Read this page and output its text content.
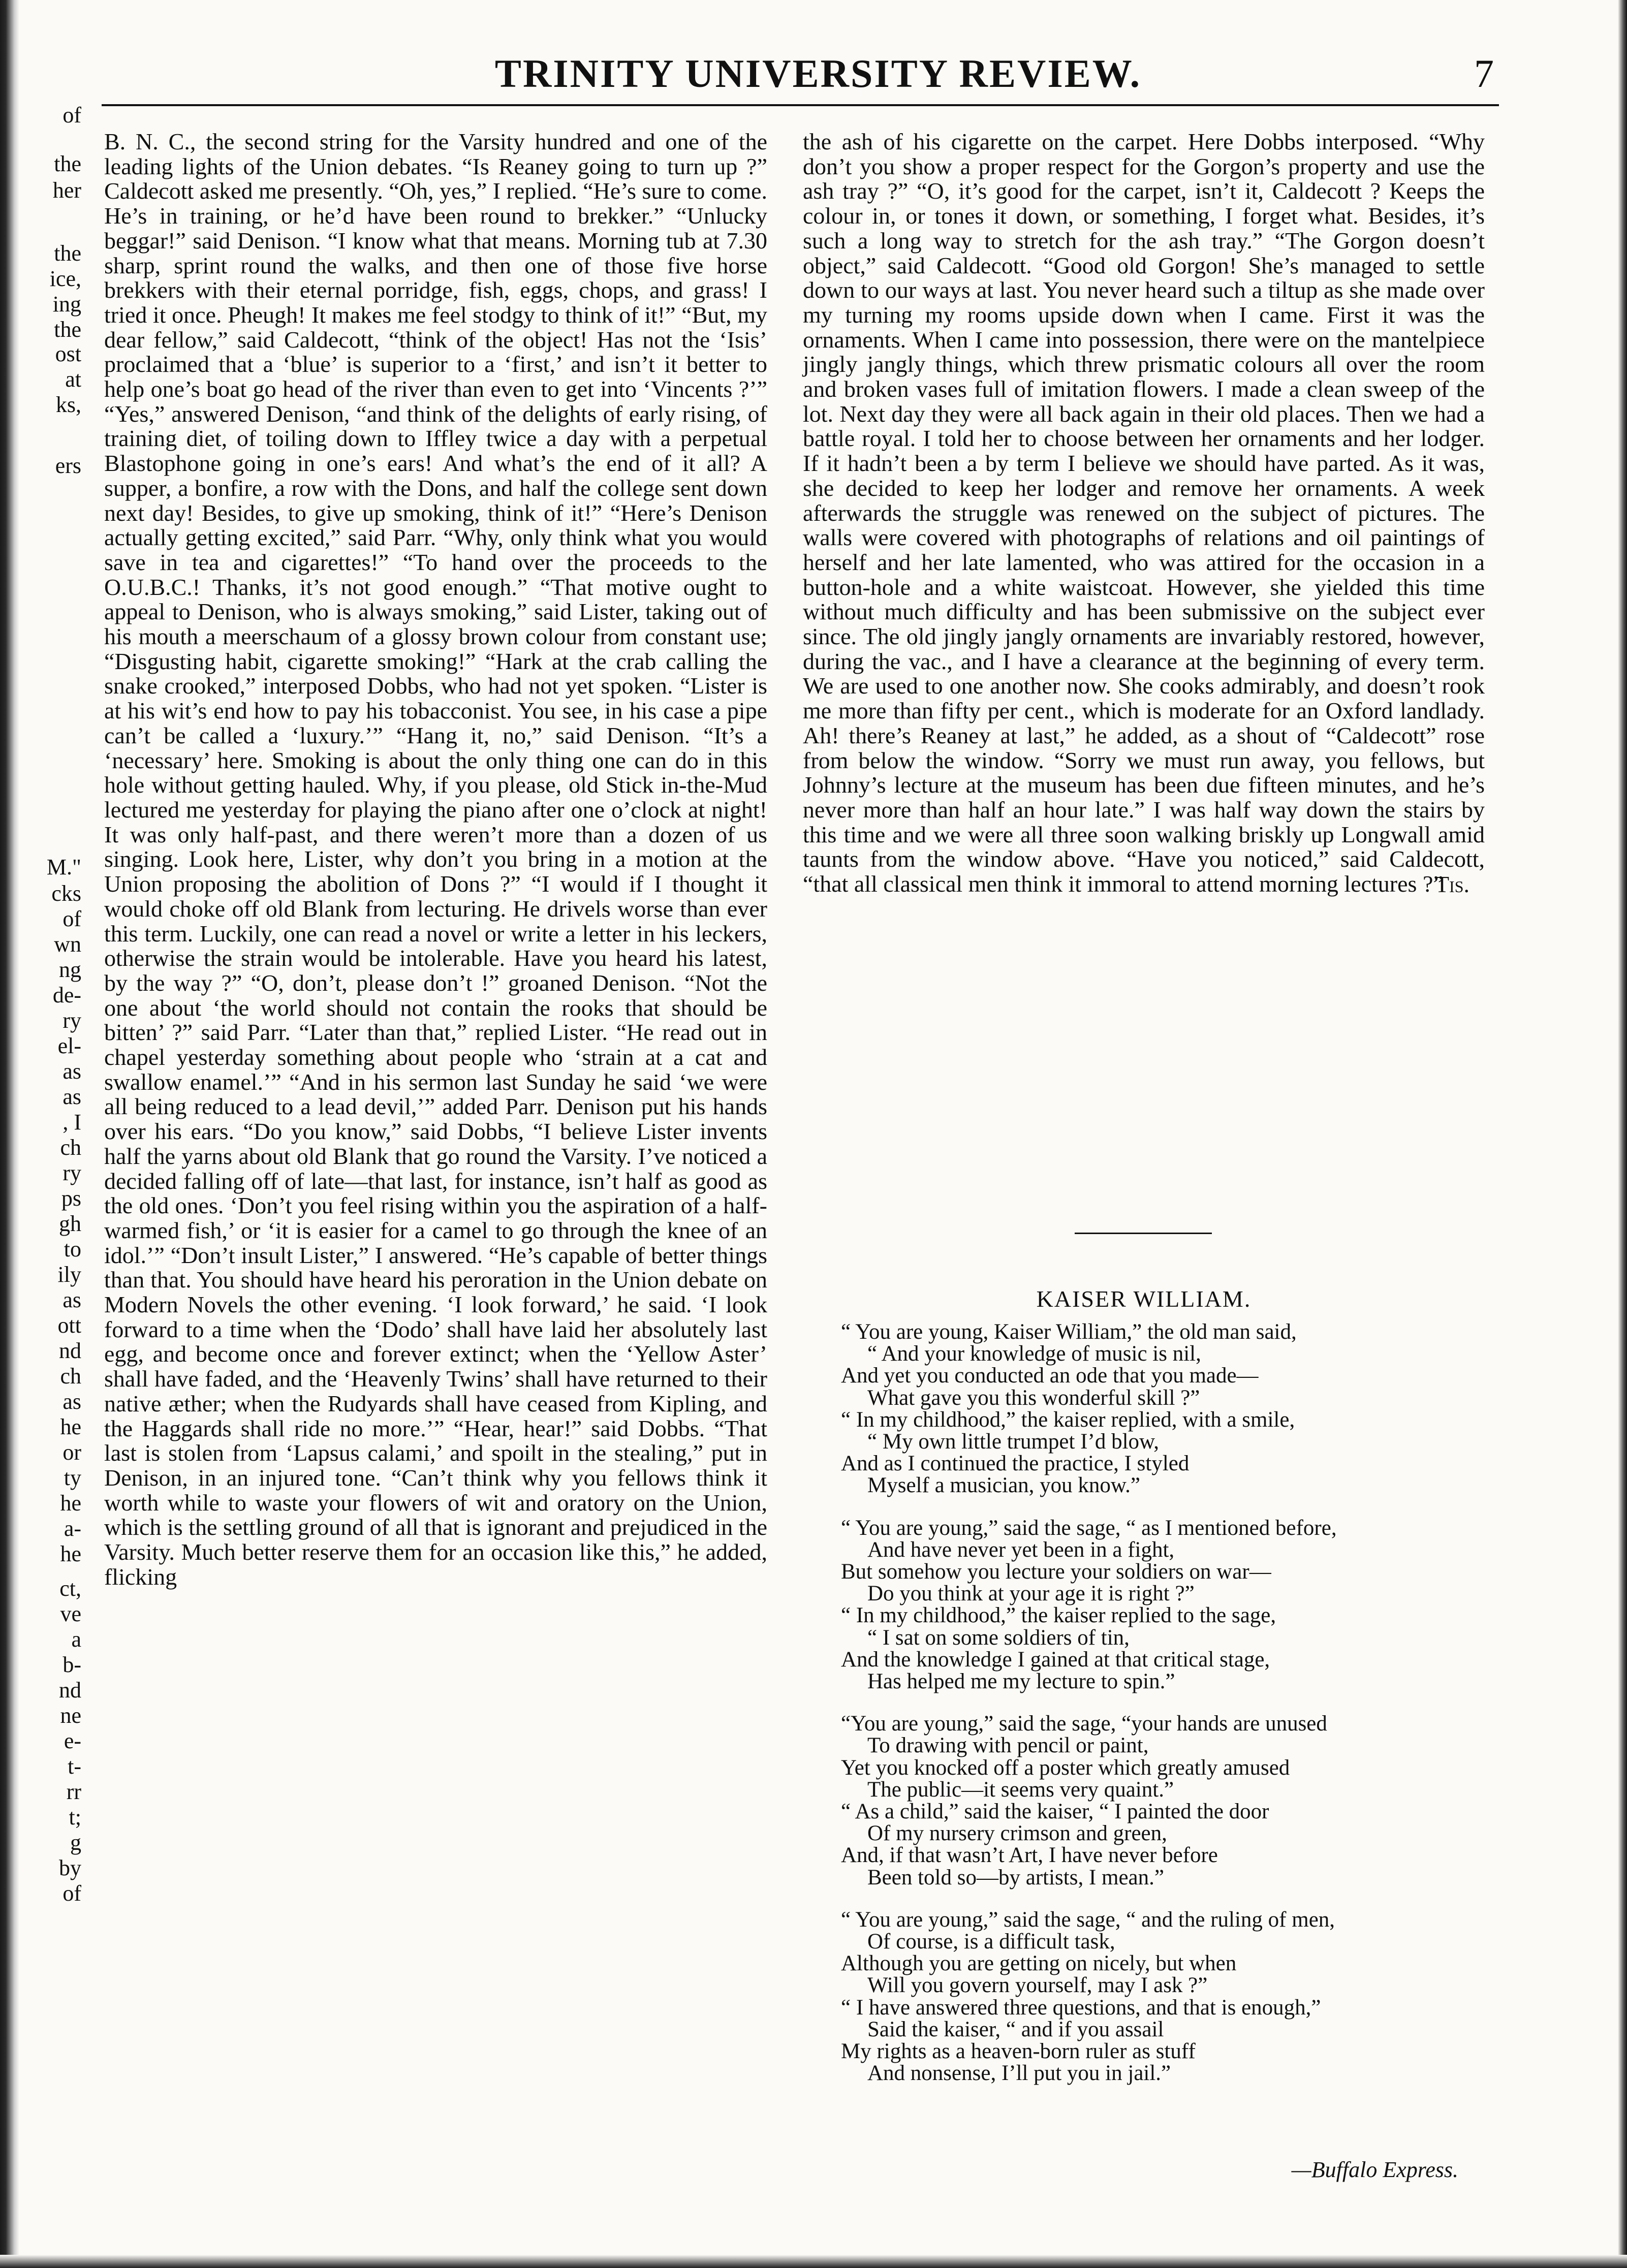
of
the
her
the
ice,
ing
the
ost
at
ks,
ers
M."
cks
of
wn
ng
de-
ry
el-
as
as
, I
ch
ry
ps
gh
to
ily
as
ott
nd
ch
as
he
or
ty
he
a-
he
ct,
ve
a
b-
nd
ne
e-
t-
rr
t;
g
by
of
TRINITY UNIVERSITY REVIEW.	7

B. N. C., the second string for the Varsity hundred and one of the leading lights of the Union debates. “Is Reaney going to turn up ?” Caldecott asked me presently. “Oh, yes,” I replied. “He’s sure to come. He’s in training, or he’d have been round to brekker.” “Unlucky beggar!” said Denison. “I know what that means. Morning tub at 7.30 sharp, sprint round the walks, and then one of those five horse brekkers with their eternal porridge, fish, eggs, chops, and grass! I tried it once. Pheugh! It makes me feel stodgy to think of it!” “But, my dear fellow,” said Caldecott, “think of the object! Has not the ‘Isis’ proclaimed that a ‘blue’ is superior to a ‘first,’ and isn’t it better to help one’s boat go head of the river than even to get into ‘Vincents ?’” “Yes,” answered Denison, “and think of the delights of early rising, of training diet, of toiling down to Iffley twice a day with a perpetual Blastophone going in one’s ears! And what’s the end of it all? A supper, a bonfire, a row with the Dons, and half the college sent down next day! Besides, to give up smoking, think of it!” “Here’s Denison actually getting excited,” said Parr. “Why, only think what you would save in tea and cigarettes!” “To hand over the proceeds to the O.U.B.C.! Thanks, it’s not good enough.” “That motive ought to appeal to Denison, who is always smoking,” said Lister, taking out of his mouth a meerschaum of a glossy brown colour from constant use; “Disgusting habit, cigarette smoking!” “Hark at the crab calling the snake crooked,” interposed Dobbs, who had not yet spoken. “Lister is at his wit’s end how to pay his tobacconist. You see, in his case a pipe can’t be called a ‘luxury.’” “Hang it, no,” said Denison. “It’s a ‘necessary’ here. Smoking is about the only thing one can do in this hole without getting hauled. Why, if you please, old Stick in-the-Mud lectured me yesterday for playing the piano after one o’clock at night! It was only half-past, and there weren’t more than a dozen of us singing. Look here, Lister, why don’t you bring in a motion at the Union proposing the abolition of Dons ?” “I would if I thought it would choke off old Blank from lecturing. He drivels worse than ever this term. Luckily, one can read a novel or write a letter in his leckers, otherwise the strain would be intolerable. Have you heard his latest, by the way ?” “O, don’t, please don’t !” groaned Denison. “Not the one about ‘the world should not contain the rooks that should be bitten’ ?” said Parr. “Later than that,” replied Lister. “He read out in chapel yesterday something about people who ‘strain at a cat and swallow enamel.’” “And in his sermon last Sunday he said ‘we were all being reduced to a lead devil,’” added Parr. Denison put his hands over his ears. “Do you know,” said Dobbs, “I believe Lister invents half the yarns about old Blank that go round the Varsity. I’ve noticed a decided falling off of late—that last, for instance, isn’t half as good as the old ones. ‘Don’t you feel rising within you the aspiration of a half-warmed fish,’ or ‘it is easier for a camel to go through the knee of an idol.’” “Don’t insult Lister,” I answered. “He’s capable of better things than that. You should have heard his peroration in the Union debate on Modern Novels the other evening. ‘I look forward,’ he said. ‘I look forward to a time when the ‘Dodo’ shall have laid her absolutely last egg, and become once and forever extinct; when the ‘Yellow Aster’ shall have faded, and the ‘Heavenly Twins’ shall have returned to their native æther; when the Rudyards shall have ceased from Kipling, and the Haggards shall ride no more.’” “Hear, hear!” said Dobbs. “That last is stolen from ‘Lapsus calami,’ and spoilt in the stealing,” put in Denison, in an injured tone. “Can’t think why you fellows think it worth while to waste your flowers of wit and oratory on the Union, which is the settling ground of all that is ignorant and prejudiced in the Varsity. Much better reserve them for an occasion like this,” he added, flicking

the ash of his cigarette on the carpet. Here Dobbs interposed. “Why don’t you show a proper respect for the Gorgon’s property and use the ash tray ?” “O, it’s good for the carpet, isn’t it, Caldecott ? Keeps the colour in, or tones it down, or something, I forget what. Besides, it’s such a long way to stretch for the ash tray.” “The Gorgon doesn’t object,” said Caldecott. “Good old Gorgon! She’s managed to settle down to our ways at last. You never heard such a tiltup as she made over my turning my rooms upside down when I came. First it was the ornaments. When I came into possession, there were on the mantelpiece jingly jangly things, which threw prismatic colours all over the room and broken vases full of imitation flowers. I made a clean sweep of the lot. Next day they were all back again in their old places. Then we had a battle royal. I told her to choose between her ornaments and her lodger. If it hadn’t been a by term I believe we should have parted. As it was, she decided to keep her lodger and remove her ornaments. A week afterwards the struggle was renewed on the subject of pictures. The walls were covered with photographs of relations and oil paintings of herself and her late lamented, who was attired for the occasion in a button-hole and a white waistcoat. However, she yielded this time without much difficulty and has been submissive on the subject ever since. The old jingly jangly ornaments are invariably restored, however, during the vac., and I have a clearance at the beginning of every term. We are used to one another now. She cooks admirably, and doesn’t rook me more than fifty per cent., which is moderate for an Oxford landlady. Ah! there’s Reaney at last,” he added, as a shout of “Caldecott” rose from below the window. “Sorry we must run away, you fellows, but Johnny’s lecture at the museum has been due fifteen minutes, and he’s never more than half an hour late.” I was half way down the stairs by this time and we were all three soon walking briskly up Longwall amid taunts from the window above. “Have you noticed,” said Caldecott, “that all classical men think it immoral to attend morning lectures ?”

Tis.
KAISER WILLIAM.
“ You are young, Kaiser William,” the old man said,
“ And your knowledge of music is nil,
And yet you conducted an ode that you made—
What gave you this wonderful skill ?”
“ In my childhood,” the kaiser replied, with a smile,
“ My own little trumpet I’d blow,
And as I continued the practice, I styled
Myself a musician, you know.”
“ You are young,” said the sage, “ as I mentioned before,
And have never yet been in a fight,
But somehow you lecture your soldiers on war—
Do you think at your age it is right ?”
“ In my childhood,” the kaiser replied to the sage,
“ I sat on some soldiers of tin,
And the knowledge I gained at that critical stage,
Has helped me my lecture to spin.”
“You are young,” said the sage, “your hands are unused
To drawing with pencil or paint,
Yet you knocked off a poster which greatly amused
The public—it seems very quaint.”
“ As a child,” said the kaiser, “ I painted the door
Of my nursery crimson and green,
And, if that wasn’t Art, I have never before
Been told so—by artists, I mean.”
“ You are young,” said the sage, “ and the ruling of men,
Of course, is a difficult task,
Although you are getting on nicely, but when
Will you govern yourself, may I ask ?”
“ I have answered three questions, and that is enough,”
Said the kaiser, “ and if you assail
My rights as a heaven-born ruler as stuff
And nonsense, I’ll put you in jail.”
—Buffalo Express.
